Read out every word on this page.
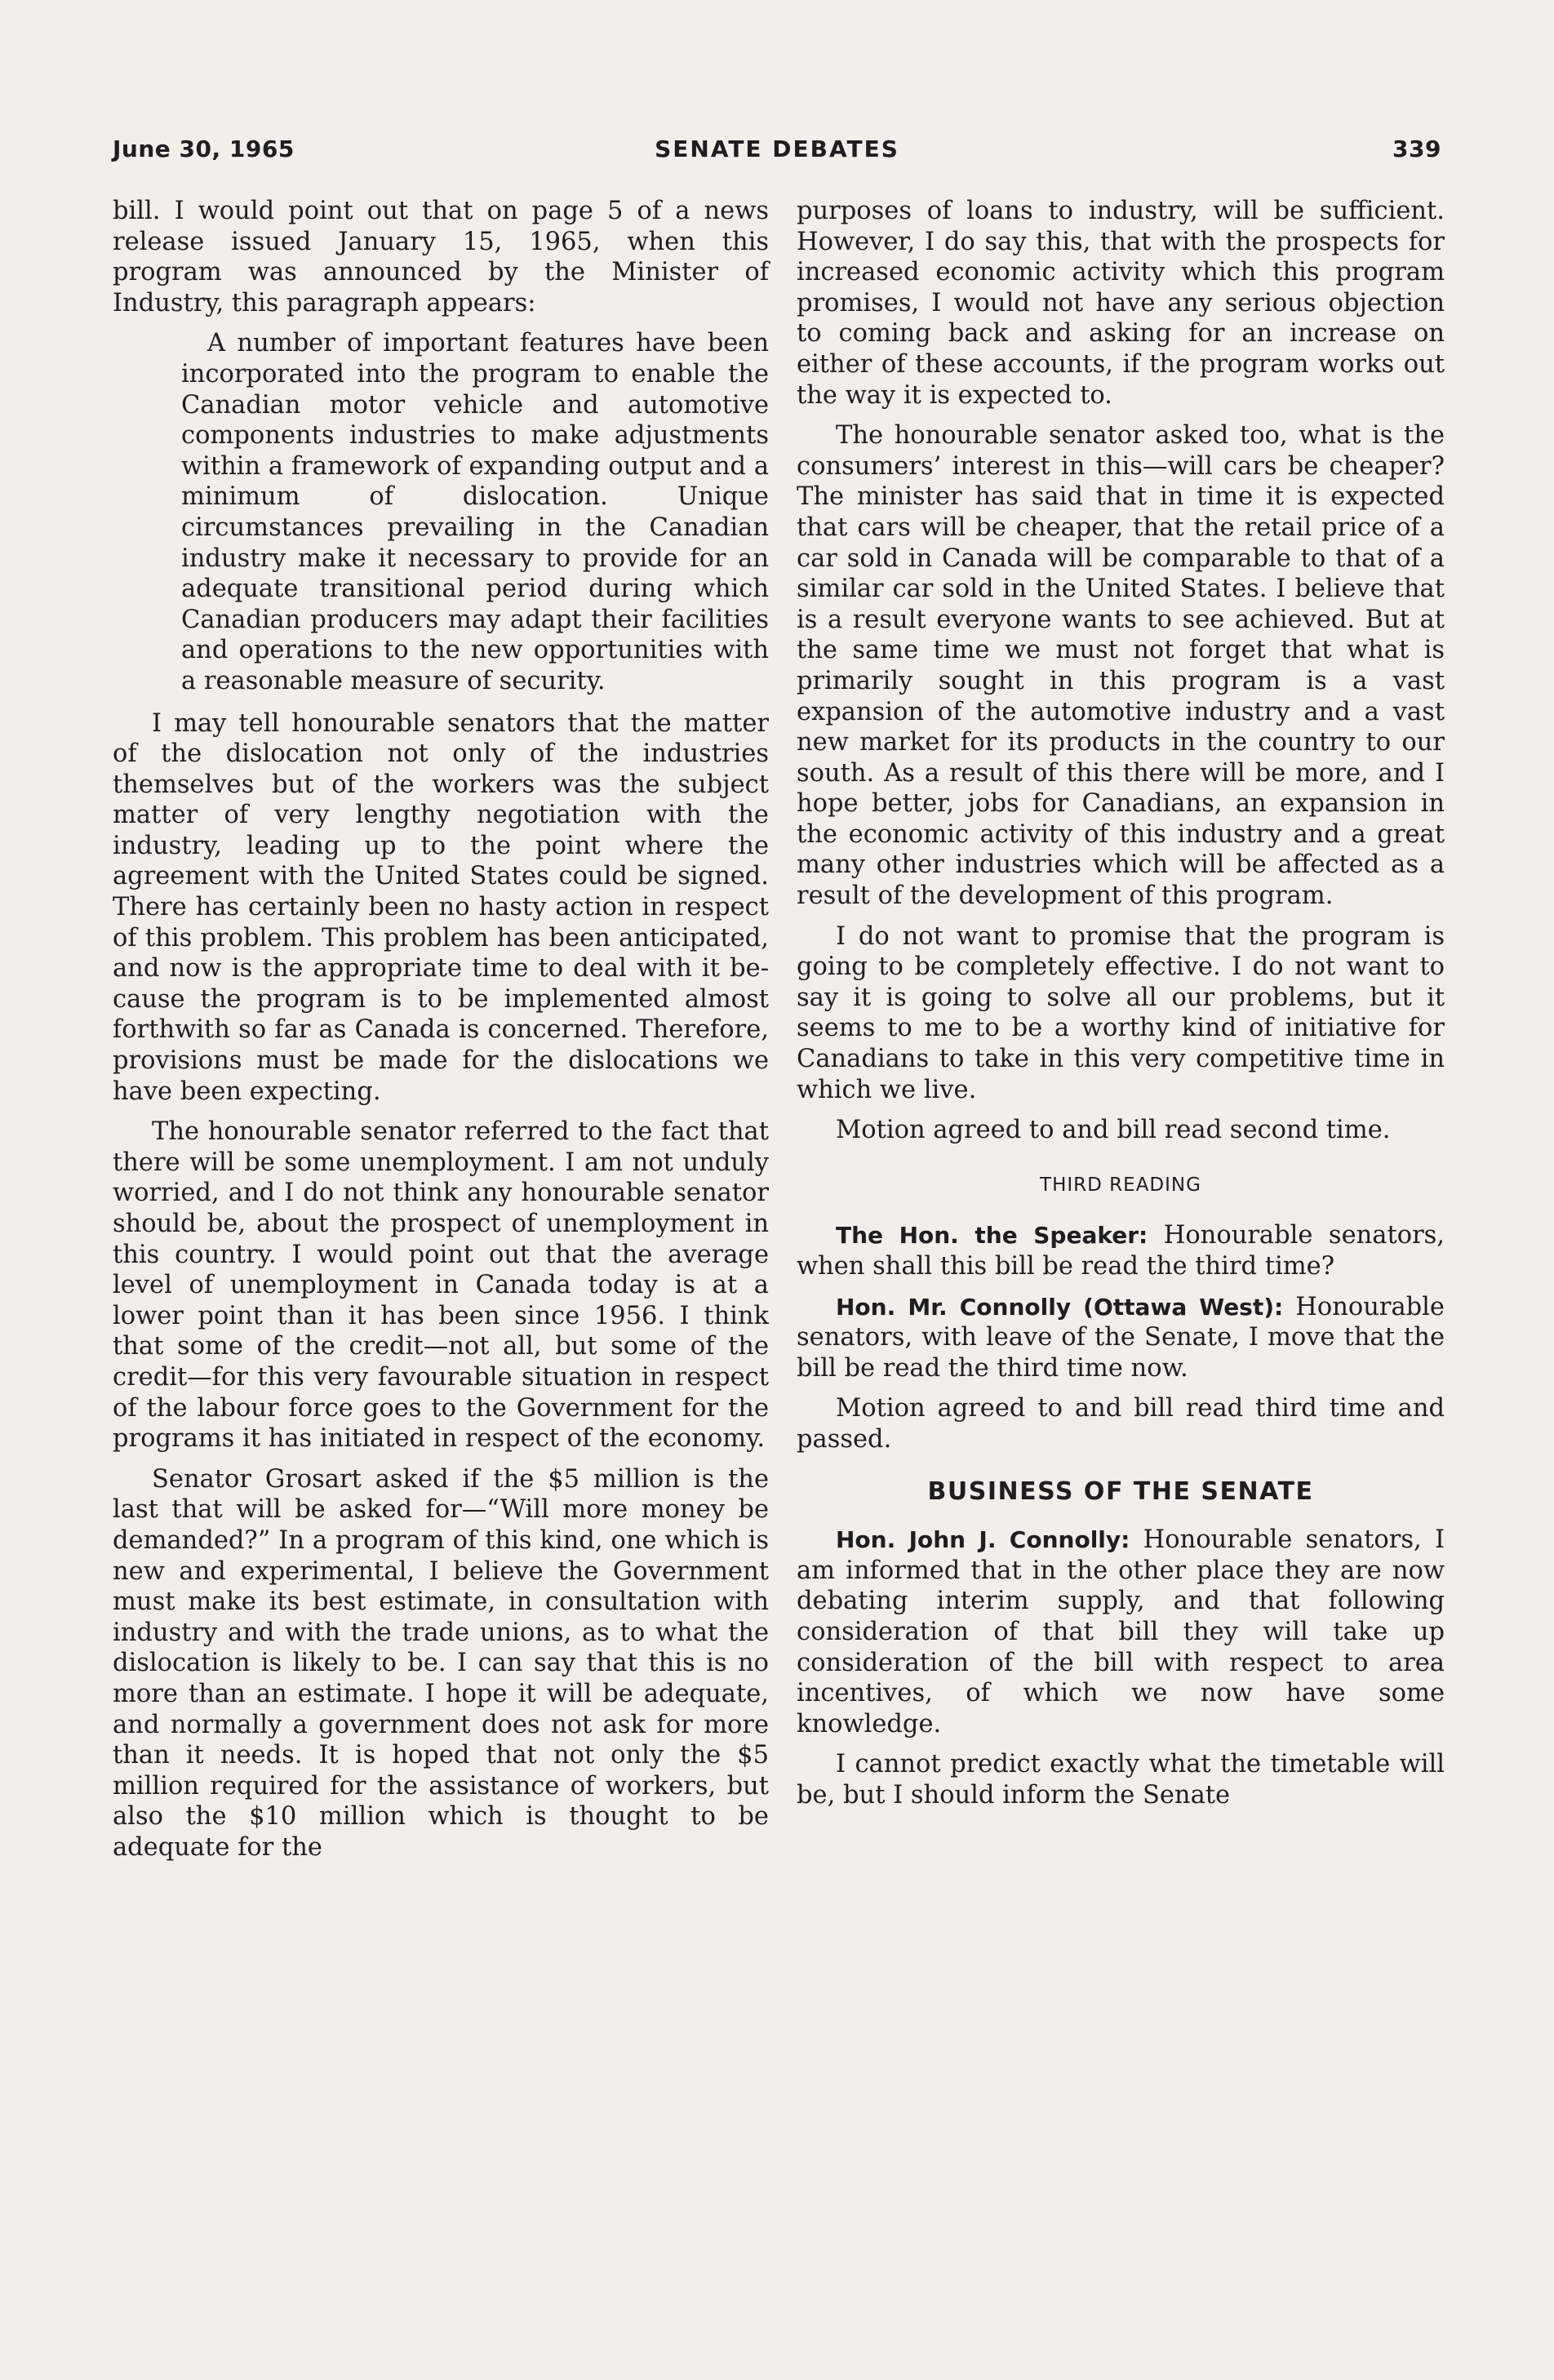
June 30, 1965	SENATE DEBATES	339

bill. I would point out that on page 5 of a news release issued January 15, 1965, when this program was announced by the Minister of Industry, this paragraph appears:

A number of important features have been incorporated into the program to enable the Canadian motor vehicle and automotive components industries to make adjustments within a framework of expanding output and a minimum of dislocation. Unique circumstances prevailing in the Canadian industry make it necessary to provide for an adequate transitional period during which Canadian producers may adapt their facilities and operations to the new opportunities with a reasonable measure of security.

I may tell honourable senators that the matter of the dislocation not only of the industries themselves but of the workers was the subject matter of very lengthy negotiation with the industry, leading up to the point where the agreement with the United States could be signed. There has certainly been no hasty action in respect of this problem. This problem has been anticipated, and now is the appropriate time to deal with it because the program is to be implemented almost forthwith so far as Canada is concerned. Therefore, provisions must be made for the dislocations we have been expecting.

The honourable senator referred to the fact that there will be some unemployment. I am not unduly worried, and I do not think any honourable senator should be, about the prospect of unemployment in this country. I would point out that the average level of unemployment in Canada today is at a lower point than it has been since 1956. I think that some of the credit—not all, but some of the credit—for this very favourable situation in respect of the labour force goes to the Government for the programs it has initiated in respect of the economy.

Senator Grosart asked if the $5 million is the last that will be asked for—“Will more money be demanded?” In a program of this kind, one which is new and experimental, I believe the Government must make its best estimate, in consultation with industry and with the trade unions, as to what the dislocation is likely to be. I can say that this is no more than an estimate. I hope it will be adequate, and normally a government does not ask for more than it needs. It is hoped that not only the $5 million required for the assistance of workers, but also the $10 million which is thought to be adequate for the

purposes of loans to industry, will be sufficient. However, I do say this, that with the prospects for increased economic activity which this program promises, I would not have any serious objection to coming back and asking for an increase on either of these accounts, if the program works out the way it is expected to.

The honourable senator asked too, what is the consumers’ interest in this—will cars be cheaper? The minister has said that in time it is expected that cars will be cheaper, that the retail price of a car sold in Canada will be comparable to that of a similar car sold in the United States. I believe that is a result everyone wants to see achieved. But at the same time we must not forget that what is primarily sought in this program is a vast expansion of the automotive industry and a vast new market for its products in the country to our south. As a result of this there will be more, and I hope better, jobs for Canadians, an expansion in the economic activity of this industry and a great many other industries which will be affected as a result of the development of this program.

I do not want to promise that the program is going to be completely effective. I do not want to say it is going to solve all our problems, but it seems to me to be a worthy kind of initiative for Canadians to take in this very competitive time in which we live.

Motion agreed to and bill read second time.

THIRD READING

The Hon. the Speaker: Honourable senators, when shall this bill be read the third time?

Hon. Mr. Connolly (Ottawa West): Honourable senators, with leave of the Senate, I move that the bill be read the third time now.

Motion agreed to and bill read third time and passed.

BUSINESS OF THE SENATE

Hon. John J. Connolly: Honourable senators, I am informed that in the other place they are now debating interim supply, and that following consideration of that bill they will take up consideration of the bill with respect to area incentives, of which we now have some knowledge.

I cannot predict exactly what the timetable will be, but I should inform the Senate
